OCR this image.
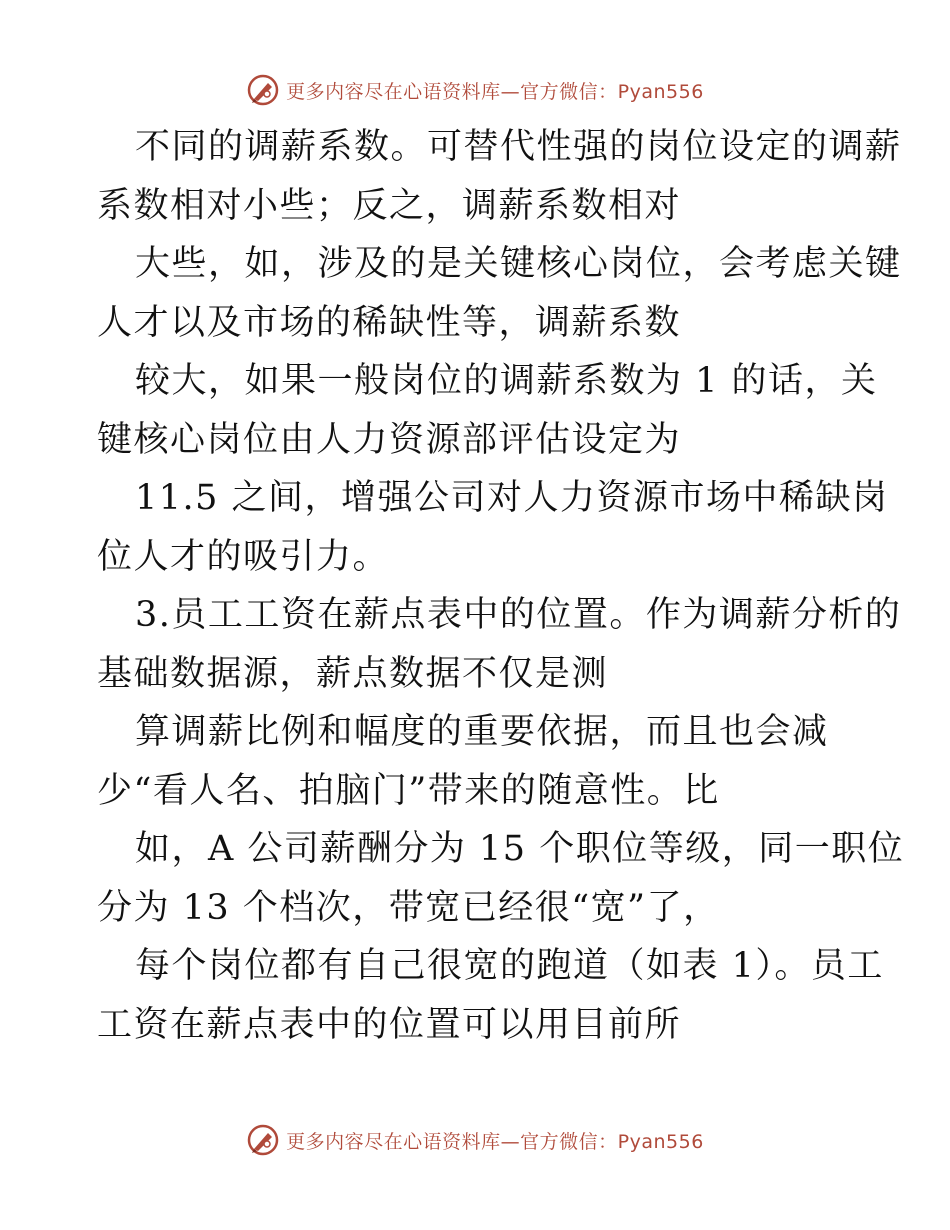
更多内容尽在心语资料库—官方微信：Pyan556
不同的调薪系数。可替代性强的岗位设定的调薪
系数相对小些；反之，调薪系数相对
大些，如，涉及的是关键核心岗位，会考虑关键
人才以及市场的稀缺性等，调薪系数
较大，如果一般岗位的调薪系数为 1 的话，关
键核心岗位由人力资源部评估设定为
11.5 之间，增强公司对人力资源市场中稀缺岗
位人才的吸引力。
3.员工工资在薪点表中的位置。作为调薪分析的
基础数据源，薪点数据不仅是测
算调薪比例和幅度的重要依据，而且也会减
少“看人名、拍脑门”带来的随意性。比
如，A 公司薪酬分为 15 个职位等级，同一职位
分为 13 个档次，带宽已经很“宽”了，
每个岗位都有自己很宽的跑道（如表 1）。员工
工资在薪点表中的位置可以用目前所
更多内容尽在心语资料库—官方微信：Pyan556
